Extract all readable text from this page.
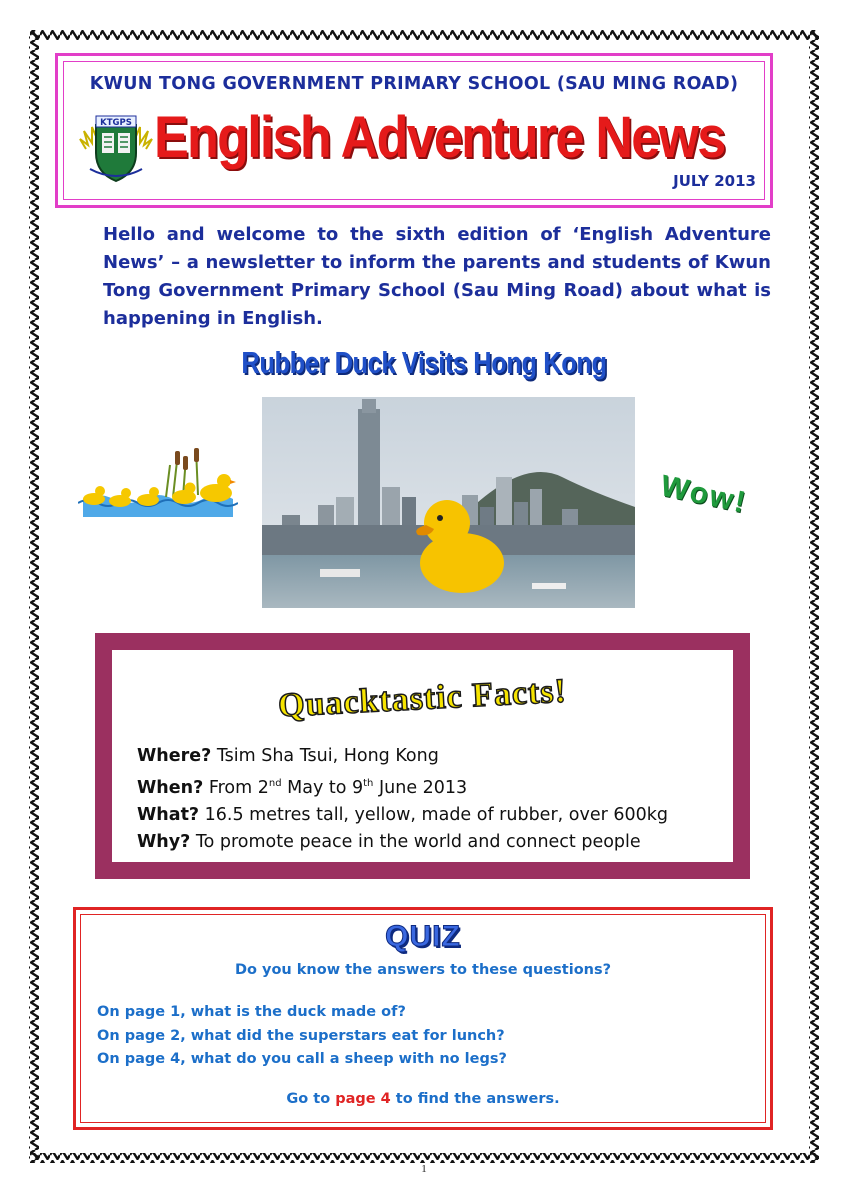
KWUN TONG GOVERNMENT PRIMARY SCHOOL (SAU MING ROAD)
KTGPS English Adventure News
JULY 2013

Hello and welcome to the sixth edition of ‘English Adventure News’ – a newsletter to inform the parents and students of Kwun Tong Government Primary School (Sau Ming Road) about what is happening in English.

Rubber Duck Visits Hong Kong
Wow!
Quacktastic Facts!
Where? Tsim Sha Tsui, Hong Kong
When? From 2nd May to 9th June 2013
What? 16.5 metres tall, yellow, made of rubber, over 600kg
Why? To promote peace in the world and connect people
QUIZ
Do you know the answers to these questions?
On page 1, what is the duck made of?
On page 2, what did the superstars eat for lunch?
On page 4, what do you call a sheep with no legs?
Go to page 4 to find the answers.
1
